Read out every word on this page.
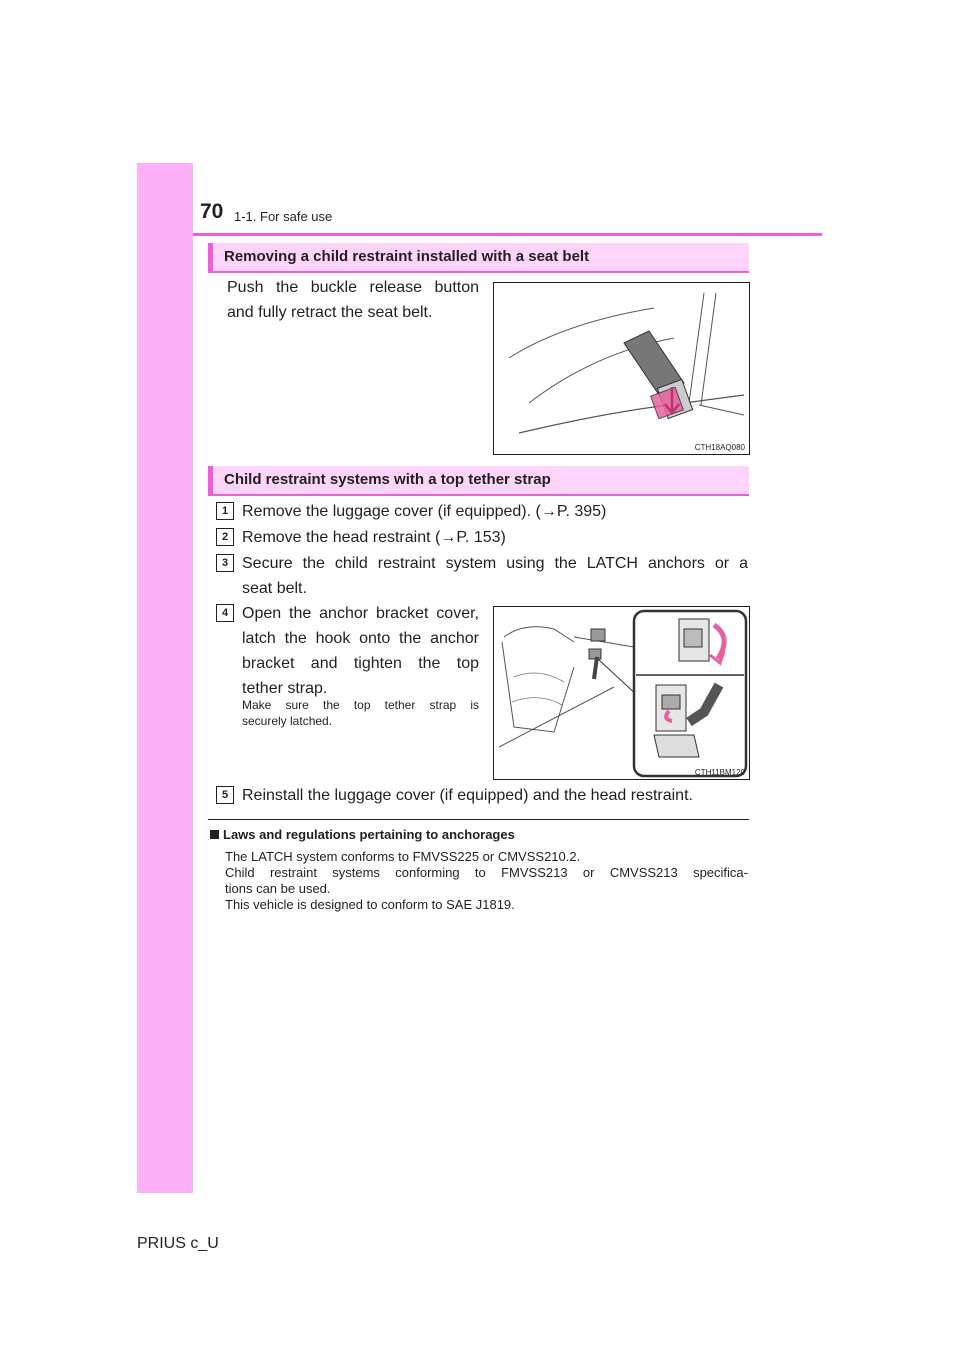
70 1-1. For safe use
Removing a child restraint installed with a seat belt
Push the buckle release button
and fully retract the seat belt.
CTH18AQ080
Child restraint systems with a top tether strap
1 Remove the luggage cover (if equipped). (→P. 395)
2 Remove the head restraint (→P. 153)
3 Secure the child restraint system using the LATCH anchors or a
seat belt.
4 Open the anchor bracket cover,
latch the hook onto the anchor
bracket and tighten the top
tether strap.
Make sure the top tether strap is
securely latched.
CTH11BM120
5 Reinstall the luggage cover (if equipped) and the head restraint.
Laws and regulations pertaining to anchorages
The LATCH system conforms to FMVSS225 or CMVSS210.2.
Child restraint systems conforming to FMVSS213 or CMVSS213 specifica-
tions can be used.
This vehicle is designed to conform to SAE J1819.
PRIUS c_U
